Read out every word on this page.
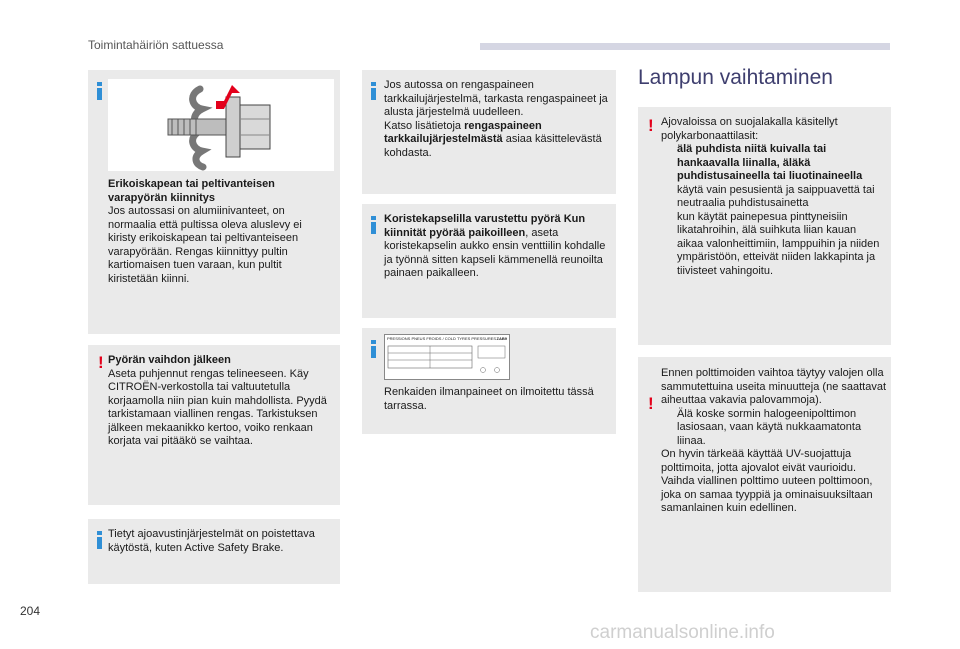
Toimintahäiriön sattuessa

Erikoiskapean tai peltivanteisen varapyörän kiinnitys

Jos autossasi on alumiinivanteet, on normaalia että pultissa oleva aluslevy ei kiristy erikoiskapean tai peltivanteiseen varapyörään. Rengas kiinnittyy pultin kartiomaisen tuen varaan, kun pultit kiristetään kiinni.

! Pyörän vaihdon jälkeen

Aseta puhjennut rengas telineeseen. Käy CITROËN-verkostolla tai valtuutetulla korjaamolla niin pian kuin mahdollista. Pyydä tarkistamaan viallinen rengas. Tarkistuksen jälkeen mekaanikko kertoo, voiko renkaan korjata vai pitääkö se vaihtaa.

Tietyt ajoavustinjärjestelmät on poistettava käytöstä, kuten Active Safety Brake.

Jos autossa on rengaspaineen tarkkailujärjestelmä, tarkasta rengaspaineet ja alusta järjestelmä uudelleen.

Katso lisätietoja rengaspaineen tarkkailujärjestelmästä asiaa käsittelevästä kohdasta.

Koristekapselilla varustettu pyörä Kun kiinnität pyörää paikoilleen, aseta koristekapselin aukko ensin venttiilin kohdalle ja työnnä sitten kapseli kämmenellä reunoilta painaen paikalleen.

PRESSIONS PNEUS FROIDS / COLD TYRES PRESSURES ZAB9

Renkaiden ilmanpaineet on ilmoitettu tässä tarrassa.

Lampun vaihtaminen
! Ajovaloissa on suojalakalla käsitellyt polykarbonaattilasit:

älä puhdista niitä kuivalla tai hankaavalla liinalla, äläkä puhdistusaineella tai liuotinaineella

käytä vain pesusientä ja saippuavettä tai neutraalia puhdistusainetta

kun käytät painepesua pinttyneisiin likatahroihin, älä suihkuta liian kauan aikaa valonheittimiin, lamppuihin ja niiden ympäristöön, etteivät niiden lakkapinta ja tiivisteet vahingoitu.

!

Ennen polttimoiden vaihtoa täytyy valojen olla sammutettuina useita minuutteja (ne saattavat aiheuttaa vakavia palovammoja).

Älä koske sormin halogeenipolttimon lasiosaan, vaan käytä nukkaamatonta liinaa.

On hyvin tärkeää käyttää UV-suojattuja polttimoita, jotta ajovalot eivät vaurioidu. Vaihda viallinen polttimo uuteen polttimoon, joka on samaa tyyppiä ja ominaisuuksiltaan samanlainen kuin edellinen.

204
carmanualsonline.info
